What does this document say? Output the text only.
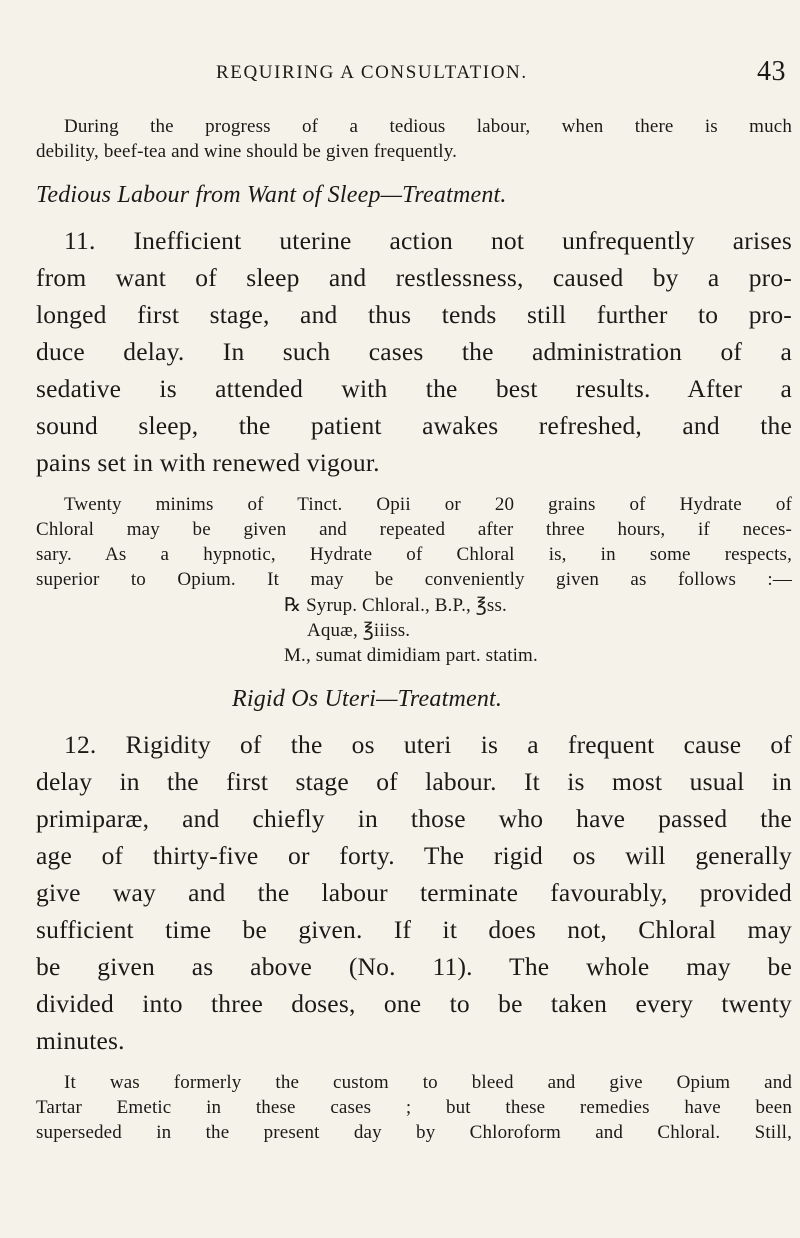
REQUIRING A CONSULTATION.	43

During the progress of a tedious labour, when there is much

debility, beef-tea and wine should be given frequently.

Tedious Labour from Want of Sleep—Treatment.

11. Inefficient uterine action not unfrequently arises

from want of sleep and restlessness, caused by a pro-

longed first stage, and thus tends still further to pro-

duce delay. In such cases the administration of a

sedative is attended with the best results. After a

sound sleep, the patient awakes refreshed, and the

pains set in with renewed vigour.

Twenty minims of Tinct. Opii or 20 grains of Hydrate of

Chloral may be given and repeated after three hours, if neces-

sary. As a hypnotic, Hydrate of Chloral is, in some respects,

superior to Opium. It may be conveniently given as follows :—

℞ Syrup. Chloral., B.P., ℥ss.

Aquæ, ℥iiiss.

M., sumat dimidiam part. statim.

Rigid Os Uteri—Treatment.

12. Rigidity of the os uteri is a frequent cause of

delay in the first stage of labour. It is most usual in

primiparæ, and chiefly in those who have passed the

age of thirty-five or forty. The rigid os will generally

give way and the labour terminate favourably, provided

sufficient time be given. If it does not, Chloral may

be given as above (No. 11). The whole may be

divided into three doses, one to be taken every twenty

minutes.

It was formerly the custom to bleed and give Opium and

Tartar Emetic in these cases ; but these remedies have been

superseded in the present day by Chloroform and Chloral. Still,
